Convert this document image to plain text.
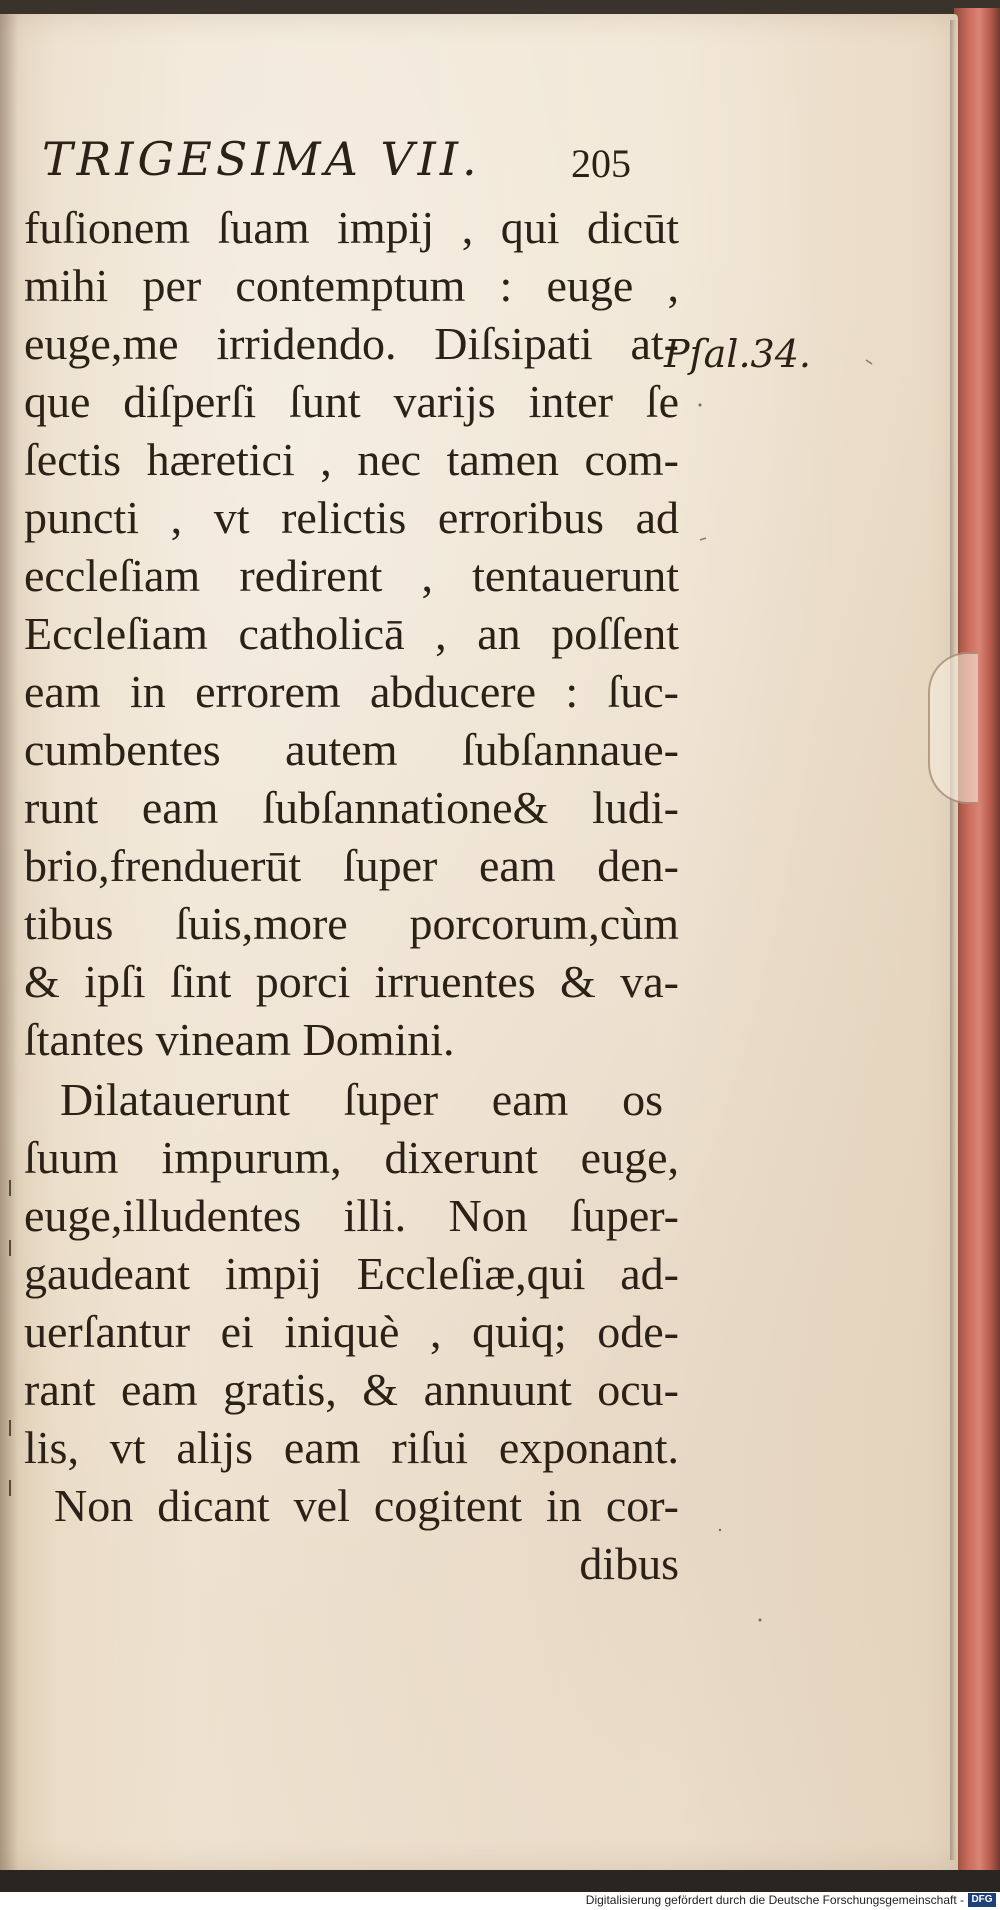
TRIGESIMA VII.	205
fuſionem ſuam impij , qui dicūt
mihi per contemptum : euge ,
euge,me irridendo. Diſsipati at-
que diſperſi ſunt varijs inter ſe
ſectis hæretici , nec tamen com-
puncti , vt relictis erroribus ad
eccleſiam redirent , tentauerunt
Eccleſiam catholicā , an poſſent
eam in errorem abducere : ſuc-
cumbentes autem ſubſannaue-
runt eam ſubſannatione& ludi-
brio,frenduerūt ſuper eam den-
tibus ſuis,more porcorum,cùm
& ipſi ſint porci irruentes & va-
ſtantes vineam Domini.
Dilatauerunt ſuper eam os
ſuum impurum, dixerunt euge,
euge,illudentes illi. Non ſuper-
gaudeant impij Eccleſiæ,qui ad-
uerſantur ei iniquè , quiq; ode-
rant eam gratis, & annuunt ocu-
lis, vt alijs eam riſui exponant.
Non dicant vel cogitent in cor-
dibus
Pſal.34.
Digitalisierung gefördert durch die Deutsche Forschungsgemeinschaft - DFG
